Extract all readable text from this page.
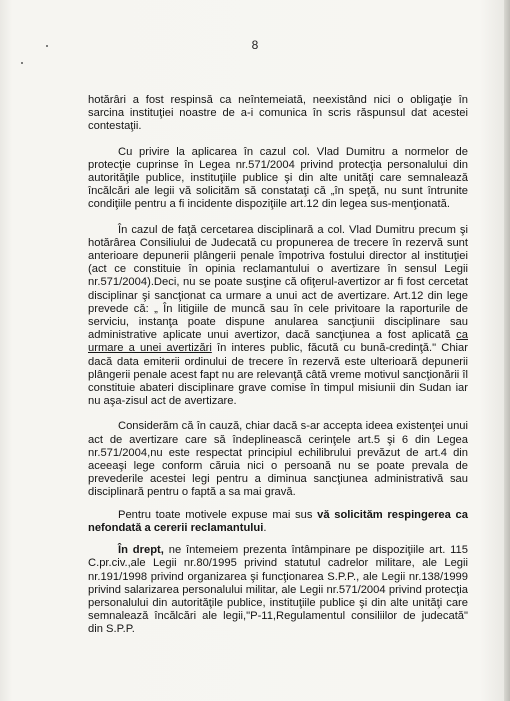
8

hotărâri a fost respinsă ca neîntemeiată, neexistând nici o obligaţie în sarcina instituţiei noastre de a-i comunica în scris răspunsul dat acestei contestaţii.

Cu privire la aplicarea în cazul col. Vlad Dumitru a normelor de protecţie cuprinse în Legea nr.571/2004 privind protecţia personalului din autorităţile publice, instituţiile publice şi din alte unităţi care semnalează încălcări ale legii vă solicităm să constataţi că „în speţă, nu sunt întrunite condiţiile pentru a fi incidente dispoziţiile art.12 din legea sus-menţionată.

În cazul de faţă cercetarea disciplinară a col. Vlad Dumitru precum şi hotărârea Consiliului de Judecată cu propunerea de trecere în rezervă sunt anterioare depunerii plângerii penale împotriva fostului director al instituţiei (act ce constituie în opinia reclamantului o avertizare în sensul Legii nr.571/2004).Deci, nu se poate susţine că ofiţerul-avertizor ar fi fost cercetat disciplinar şi sancţionat ca urmare a unui act de avertizare. Art.12 din lege prevede că: „ În litigiile de muncă sau în cele privitoare la raporturile de serviciu, instanţa poate dispune anularea sancţiunii disciplinare sau administrative aplicate unui avertizor, dacă sancţiunea a fost aplicată ca urmare a unei avertizări în interes public, făcută cu bună-credinţă." Chiar dacă data emiterii ordinului de trecere în rezervă este ulterioară depunerii plângerii penale acest fapt nu are relevanţă câtă vreme motivul sancţionării îl constituie abateri disciplinare grave comise în timpul misiunii din Sudan iar nu aşa-zisul act de avertizare.

Considerăm că în cauză, chiar dacă s-ar accepta ideea existenţei unui act de avertizare care să îndeplinească cerinţele art.5 şi 6 din Legea nr.571/2004,nu este respectat principiul echilibrului prevăzut de art.4 din aceeaşi lege conform căruia nici o persoană nu se poate prevala de prevederile acestei legi pentru a diminua sancţiunea administrativă sau disciplinară pentru o faptă a sa mai gravă.

Pentru toate motivele expuse mai sus vă solicităm respingerea ca nefondată a cererii reclamantului.

În drept, ne întemeiem prezenta întâmpinare pe dispoziţiile art. 115 C.pr.civ.,ale Legii nr.80/1995 privind statutul cadrelor militare, ale Legii nr.191/1998 privind organizarea şi funcţionarea S.P.P., ale Legii nr.138/1999 privind salarizarea personalului militar, ale Legii nr.571/2004 privind protecţia personalului din autorităţile publice, instituţiile publice şi din alte unităţi care semnalează încălcări ale legii,"P-11,Regulamentul consiliilor de judecată" din S.P.P.
